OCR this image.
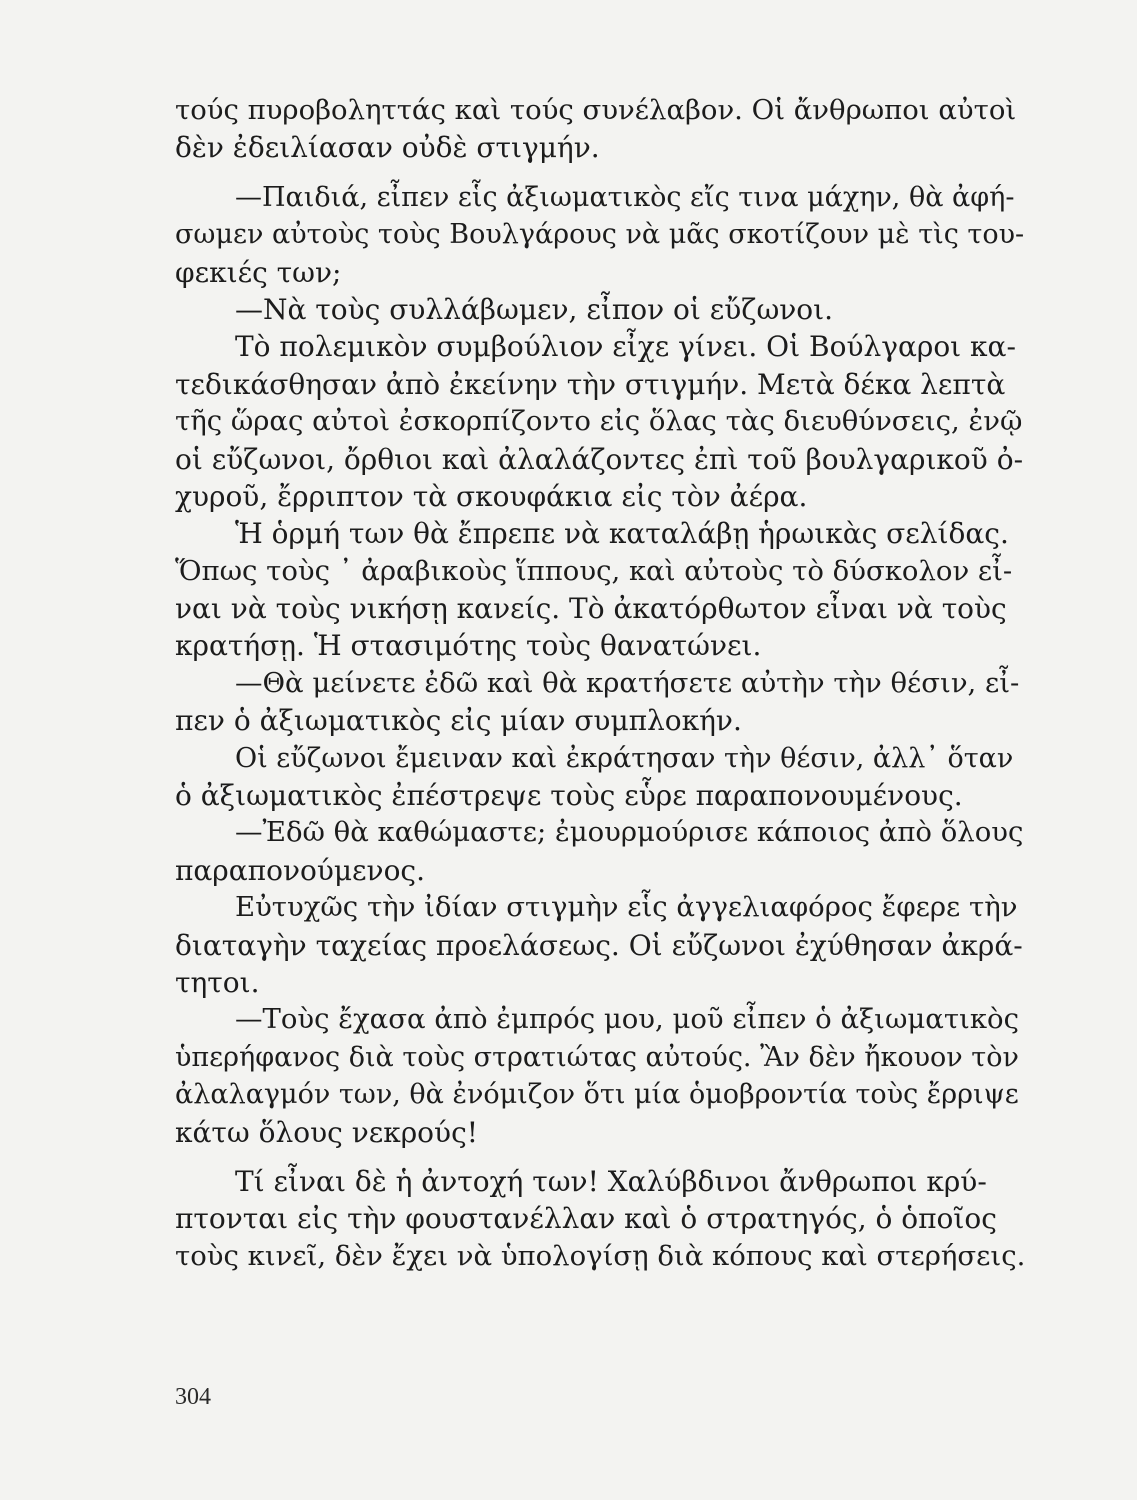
τούς πυροβοληττάς καὶ τούς συνέλαβον. Οἱ ἄνθρωποι αὐτοὶ
δὲν ἐδειλίασαν οὐδὲ στιγμήν.
—Παιδιά, εἶπεν εἷς ἀξιωματικὸς εἴς τινα μάχην, θὰ ἀφή-
σωμεν αὐτοὺς τοὺς Βουλγάρους νὰ μᾶς σκοτίζουν μὲ τὶς του-
φεκιές των;
—Νὰ τοὺς συλλάβωμεν, εἶπον οἱ εὔζωνοι.
Τὸ πολεμικὸν συμβούλιον εἶχε γίνει. Οἱ Βούλγαροι κα-
τεδικάσθησαν ἀπὸ ἐκείνην τὴν στιγμήν. Μετὰ δέκα λεπτὰ
τῆς ὥρας αὐτοὶ ἐσκορπίζοντο εἰς ὅλας τὰς διευθύνσεις, ἐνῷ
οἱ εὔζωνοι, ὄρθιοι καὶ ἀλαλάζοντες ἐπὶ τοῦ βουλγαρικοῦ ὀ-
χυροῦ, ἔρριπτον τὰ σκουφάκια εἰς τὸν ἀέρα.
Ἡ ὁρμή των θὰ ἔπρεπε νὰ καταλάβῃ ἡρωικὰς σελίδας.
Ὅπως τοὺς ᾿ ἀραβικοὺς ἵππους, καὶ αὐτοὺς τὸ δύσκολον εἶ-
ναι νὰ τοὺς νικήσῃ κανείς. Τὸ ἀκατόρθωτον εἶναι νὰ τοὺς
κρατήσῃ. Ἡ στασιμότης τοὺς θανατώνει.
—Θὰ μείνετε ἐδῶ καὶ θὰ κρατήσετε αὐτὴν τὴν θέσιν, εἶ-
πεν ὁ ἀξιωματικὸς εἰς μίαν συμπλοκήν.
Οἱ εὔζωνοι ἔμειναν καὶ ἐκράτησαν τὴν θέσιν, ἀλλ᾿ ὅταν
ὁ ἀξιωματικὸς ἐπέστρεψε τοὺς εὗρε παραπονουμένους.
—Ἐδῶ θὰ καθώμαστε; ἐμουρμούρισε κάποιος ἀπὸ ὅλους
παραπονούμενος.
Εὐτυχῶς τὴν ἰδίαν στιγμὴν εἷς ἀγγελιαφόρος ἔφερε τὴν
διαταγὴν ταχείας προελάσεως. Οἱ εὔζωνοι ἐχύθησαν ἀκρά-
τητοι.
—Τοὺς ἔχασα ἀπὸ ἐμπρός μου, μοῦ εἶπεν ὁ ἀξιωματικὸς
ὑπερήφανος διὰ τοὺς στρατιώτας αὐτούς. Ἂν δὲν ἤκουον τὸν
ἀλαλαγμόν των, θὰ ἐνόμιζον ὅτι μία ὁμοβροντία τοὺς ἔρριψε
κάτω ὅλους νεκρούς!
Τί εἶναι δὲ ἡ ἀντοχή των! Χαλύβδινοι ἄνθρωποι κρύ-
πτονται εἰς τὴν φουστανέλλαν καὶ ὁ στρατηγός, ὁ ὁποῖος
τοὺς κινεῖ, δὲν ἔχει νὰ ὑπολογίσῃ διὰ κόπους καὶ στερήσεις.
304
